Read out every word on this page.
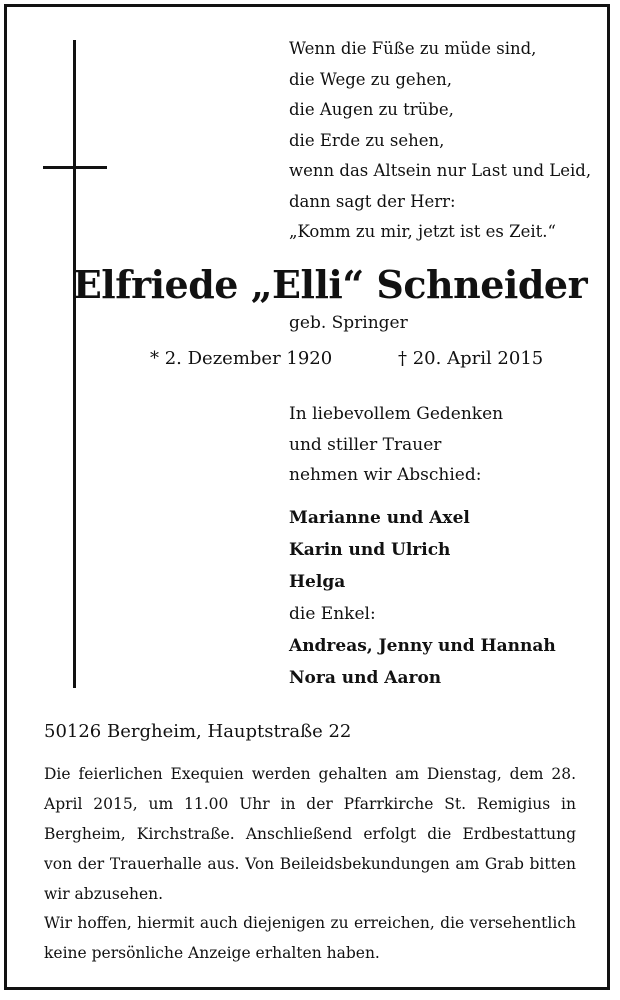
Wenn die Füße zu müde sind,
die Wege zu gehen,
die Augen zu trübe,
die Erde zu sehen,
wenn das Altsein nur Last und Leid,
dann sagt der Herr:
„Komm zu mir, jetzt ist es Zeit.“
Elfriede „Elli“ Schneider
geb. Springer
* 2. Dezember 1920	† 20. April 2015
In liebevollem Gedenken
und stiller Trauer
nehmen wir Abschied:
Marianne und Axel
Karin und Ulrich
Helga
die Enkel:
Andreas, Jenny und Hannah
Nora und Aaron
50126 Bergheim, Hauptstraße 22

Die feierlichen Exequien werden gehalten am Dienstag, dem 28. April 2015, um 11.00 Uhr in der Pfarrkirche St. Remigius in Bergheim, Kirchstraße. Anschließend erfolgt die Erdbestattung von der Trauerhalle aus. Von Beileidsbekundungen am Grab bitten wir abzusehen.

Wir hoffen, hiermit auch diejenigen zu erreichen, die versehentlich keine persönliche Anzeige erhalten haben.
